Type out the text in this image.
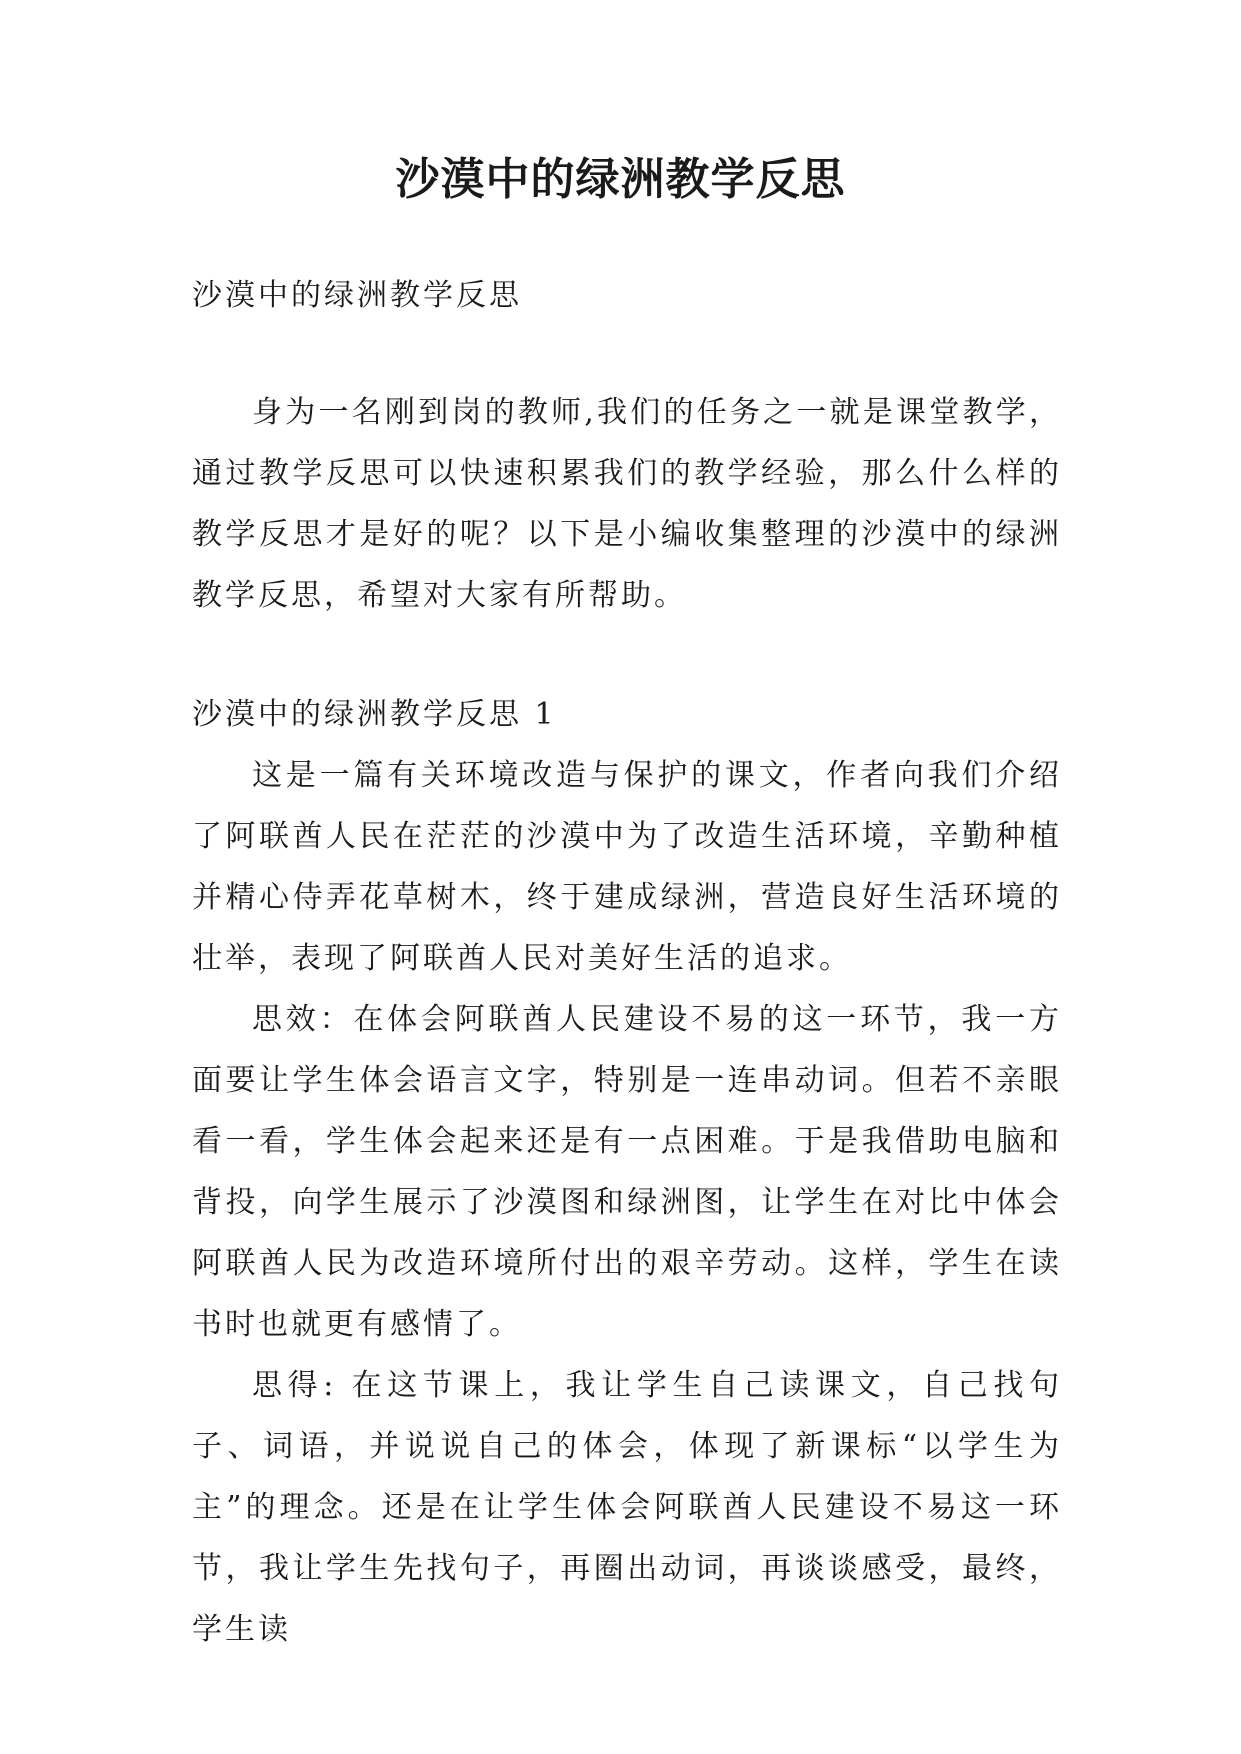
沙漠中的绿洲教学反思

沙漠中的绿洲教学反思

身为一名刚到岗的教师,我们的任务之一就是课堂教学，通过教学反思可以快速积累我们的教学经验，那么什么样的教学反思才是好的呢？以下是小编收集整理的沙漠中的绿洲教学反思，希望对大家有所帮助。

沙漠中的绿洲教学反思 1

这是一篇有关环境改造与保护的课文，作者向我们介绍了阿联酋人民在茫茫的沙漠中为了改造生活环境，辛勤种植并精心侍弄花草树木，终于建成绿洲，营造良好生活环境的壮举，表现了阿联酋人民对美好生活的追求。

思效：在体会阿联酋人民建设不易的这一环节，我一方面要让学生体会语言文字，特别是一连串动词。但若不亲眼看一看，学生体会起来还是有一点困难。于是我借助电脑和背投，向学生展示了沙漠图和绿洲图，让学生在对比中体会阿联酋人民为改造环境所付出的艰辛劳动。这样，学生在读书时也就更有感情了。

思得: 在这节课上，我让学生自己读课文，自己找句子、词语，并说说自己的体会，体现了新课标“以学生为主”的理念。还是在让学生体会阿联酋人民建设不易这一环节，我让学生先找句子，再圈出动词，再谈谈感受，最终，学生读
